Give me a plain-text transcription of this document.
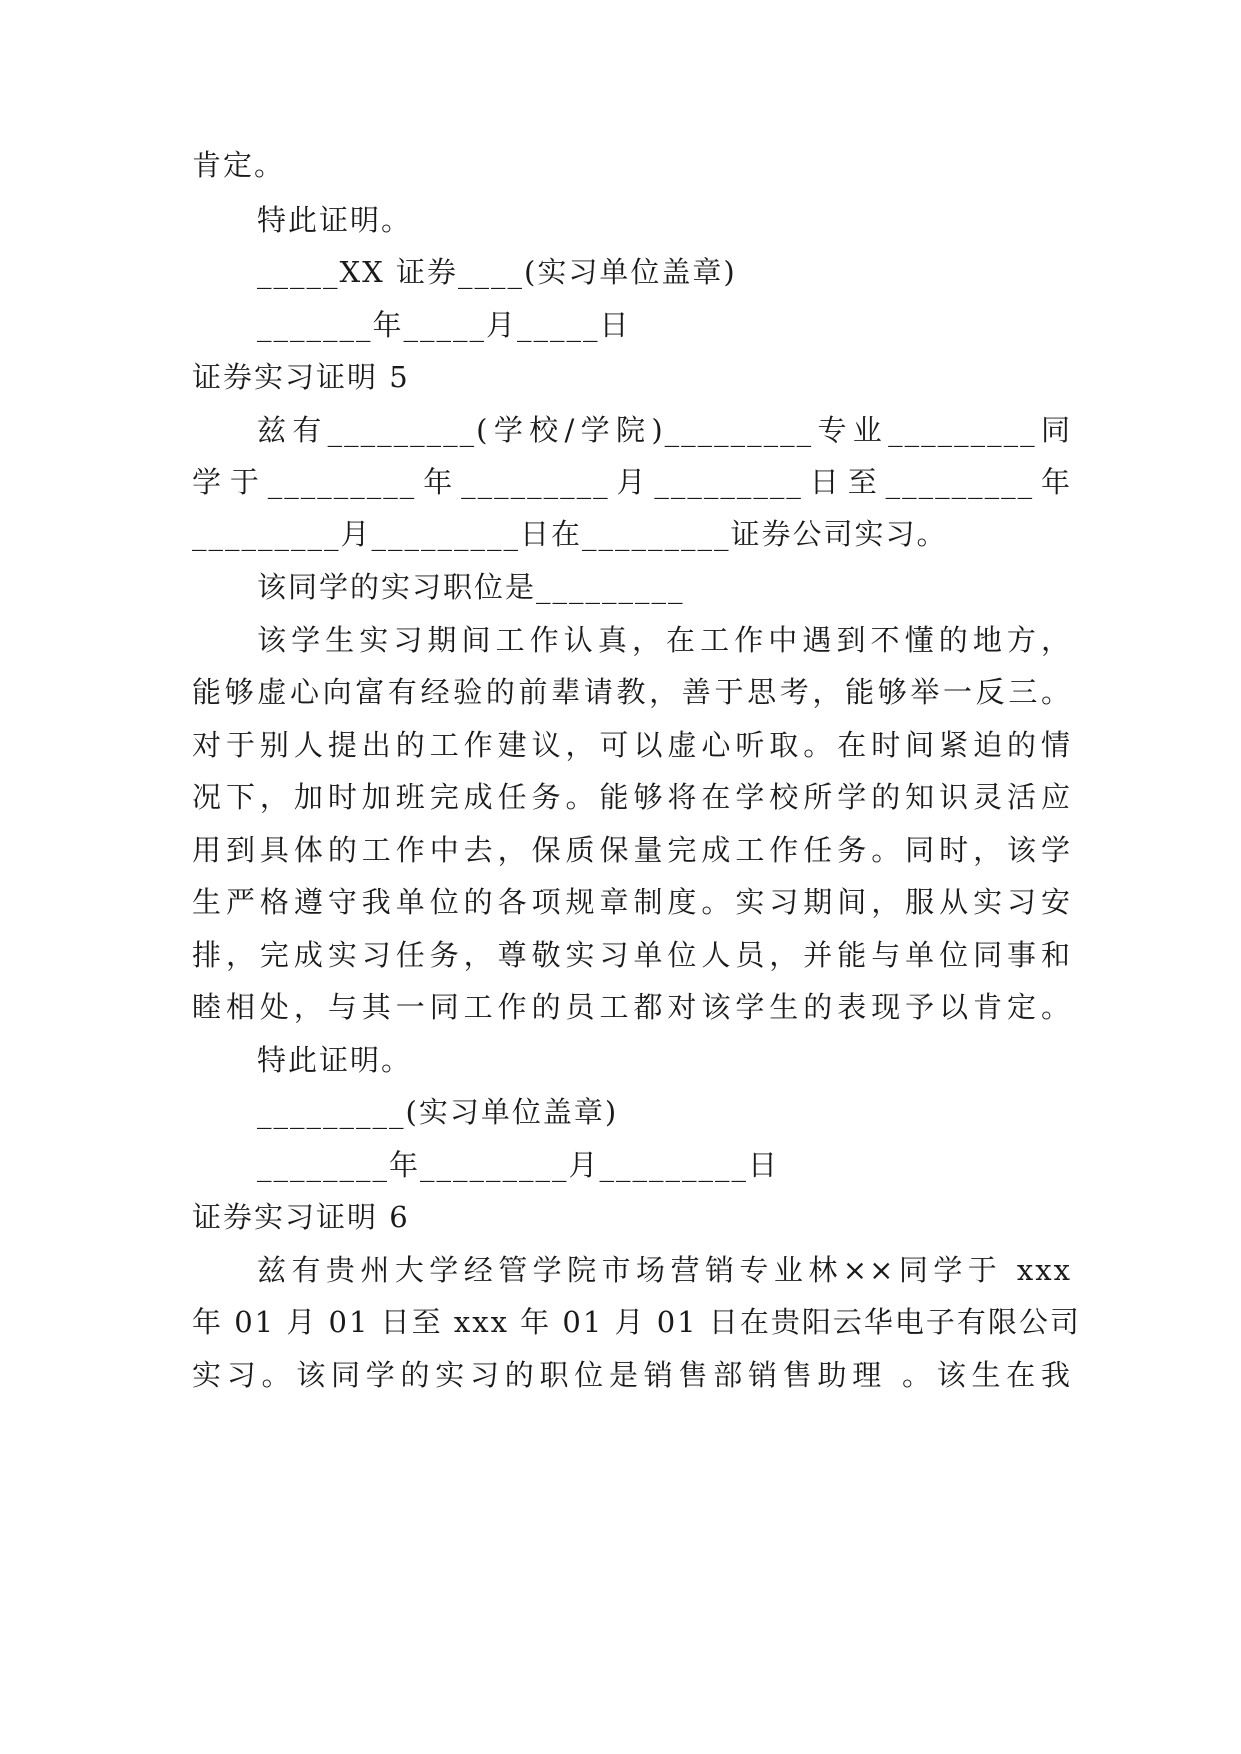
肯定。
特此证明。
_____XX 证券____(实习单位盖章)
_______年_____月_____日
证券实习证明 5
兹有_________(学校/学院)_________专业_________同
学于_________年_________月_________日至_________年
_________月_________日在_________证券公司实习。
该同学的实习职位是_________
该学生实习期间工作认真，在工作中遇到不懂的地方，
能够虚心向富有经验的前辈请教，善于思考，能够举一反三。
对于别人提出的工作建议，可以虚心听取。在时间紧迫的情
况下，加时加班完成任务。能够将在学校所学的知识灵活应
用到具体的工作中去，保质保量完成工作任务。同时，该学
生严格遵守我单位的各项规章制度。实习期间，服从实习安
排，完成实习任务，尊敬实习单位人员，并能与单位同事和
睦相处，与其一同工作的员工都对该学生的表现予以肯定。
特此证明。
_________(实习单位盖章)
________年_________月_________日
证券实习证明 6
兹有贵州大学经管学院市场营销专业林××同学于 xxx
年 01 月 01 日至 xxx 年 01 月 01 日在贵阳云华电子有限公司
实习。该同学的实习的职位是销售部销售助理 。该生在我
